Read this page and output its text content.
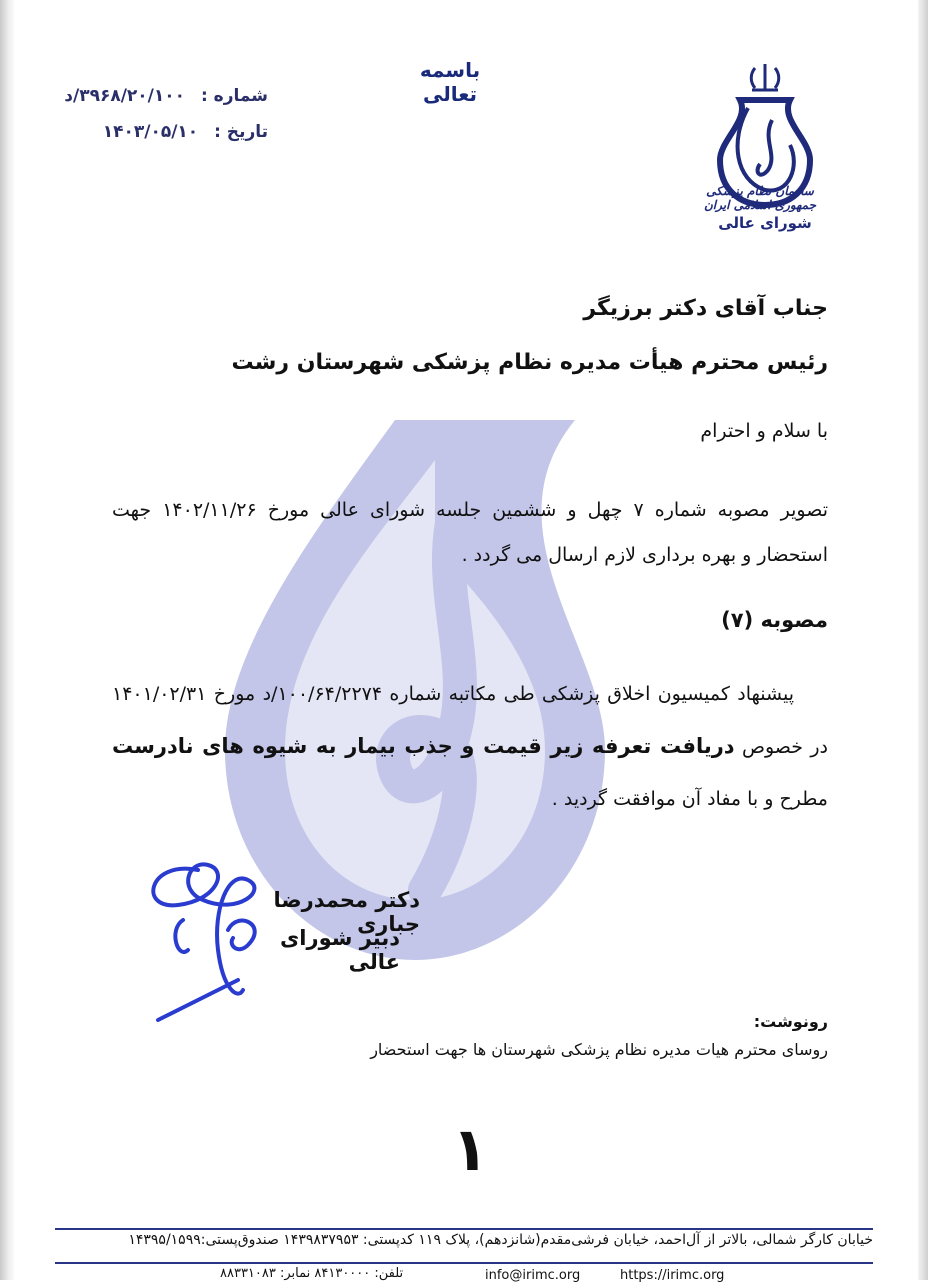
باسمه تعالی
شماره : ۳۹۶۸/۲۰/۱۰۰/د
تاریخ : ۱۴۰۳/۰۵/۱۰
سازمان نظام پزشکی جمهوری اسلامی ایران
شورای عالی
جناب آقای دکتر برزیگر
رئیس محترم هیأت مدیره نظام پزشکی شهرستان رشت
با سلام و احترام
تصویر مصوبه شماره ۷ چهل و ششمین جلسه شورای عالی مورخ ۱۴۰۲/۱۱/۲۶ جهت استحضار و بهره برداری لازم ارسال می گردد .
مصوبه (۷)
پیشنهاد کمیسیون اخلاق پزشکی طی مکاتبه شماره ۱۰۰/۶۴/۲۲۷۴/د مورخ ۱۴۰۱/۰۲/۳۱ در خصوص دریافت تعرفه زیر قیمت و جذب بیمار به شیوه های نادرست مطرح و با مفاد آن موافقت گردید .
دکتر محمدرضا جباری
دبیر شورای عالی
رونوشت:
روسای محترم هیات مدیره نظام پزشکی شهرستان ها جهت استحضار
۱
خیابان کارگر شمالی، بالاتر از آل‌احمد، خیابان فرشی‌مقدم(شانزدهم)، پلاک ۱۱۹ کدپستی: ۱۴۳۹۸۳۷۹۵۳ صندوق‌پستی:۱۴۳۹۵/۱۵۹۹
تلفن: ۸۴۱۳۰۰۰۰ نمابر: ۸۸۳۳۱۰۸۳	info@irimc.org	https://irimc.org
